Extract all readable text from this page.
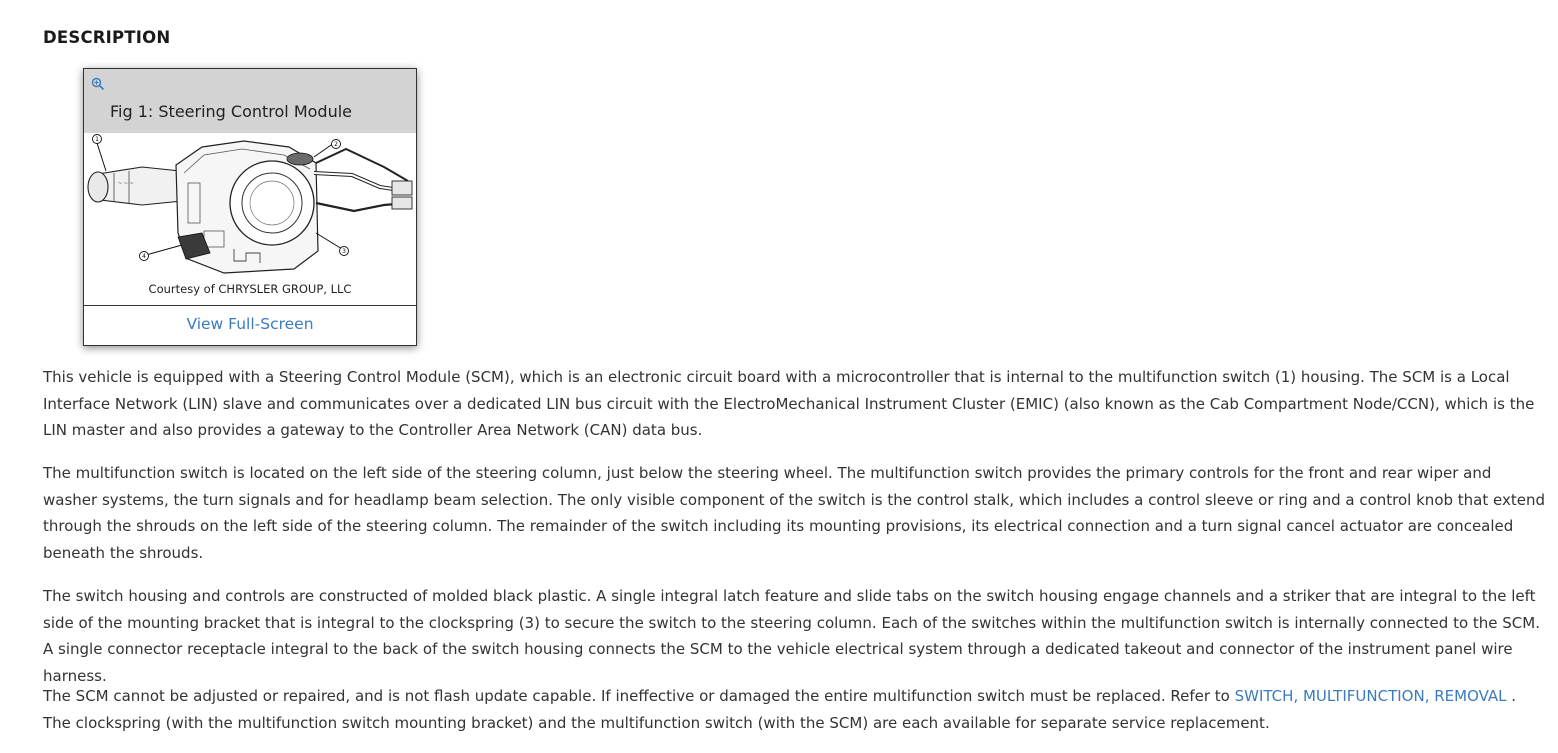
DESCRIPTION
Fig 1: Steering Control Module
~ ~ ~
1
2
3
4
Courtesy of CHRYSLER GROUP, LLC
View Full-Screen

This vehicle is equipped with a Steering Control Module (SCM), which is an electronic circuit board with a microcontroller that is internal to the multifunction switch (1) housing. The SCM is a Local Interface Network (LIN) slave and communicates over a dedicated LIN bus circuit with the ElectroMechanical Instrument Cluster (EMIC) (also known as the Cab Compartment Node/CCN), which is the LIN master and also provides a gateway to the Controller Area Network (CAN) data bus.

The multifunction switch is located on the left side of the steering column, just below the steering wheel. The multifunction switch provides the primary controls for the front and rear wiper and washer systems, the turn signals and for headlamp beam selection. The only visible component of the switch is the control stalk, which includes a control sleeve or ring and a control knob that extend through the shrouds on the left side of the steering column. The remainder of the switch including its mounting provisions, its electrical connection and a turn signal cancel actuator are concealed beneath the shrouds.

The switch housing and controls are constructed of molded black plastic. A single integral latch feature and slide tabs on the switch housing engage channels and a striker that are integral to the left side of the mounting bracket that is integral to the clockspring (3) to secure the switch to the steering column. Each of the switches within the multifunction switch is internally connected to the SCM. A single connector receptacle integral to the back of the switch housing connects the SCM to the vehicle electrical system through a dedicated takeout and connector of the instrument panel wire harness.

The SCM cannot be adjusted or repaired, and is not flash update capable. If ineffective or damaged the entire multifunction switch must be replaced. Refer to SWITCH, MULTIFUNCTION, REMOVAL . The clockspring (with the multifunction switch mounting bracket) and the multifunction switch (with the SCM) are each available for separate service replacement.
